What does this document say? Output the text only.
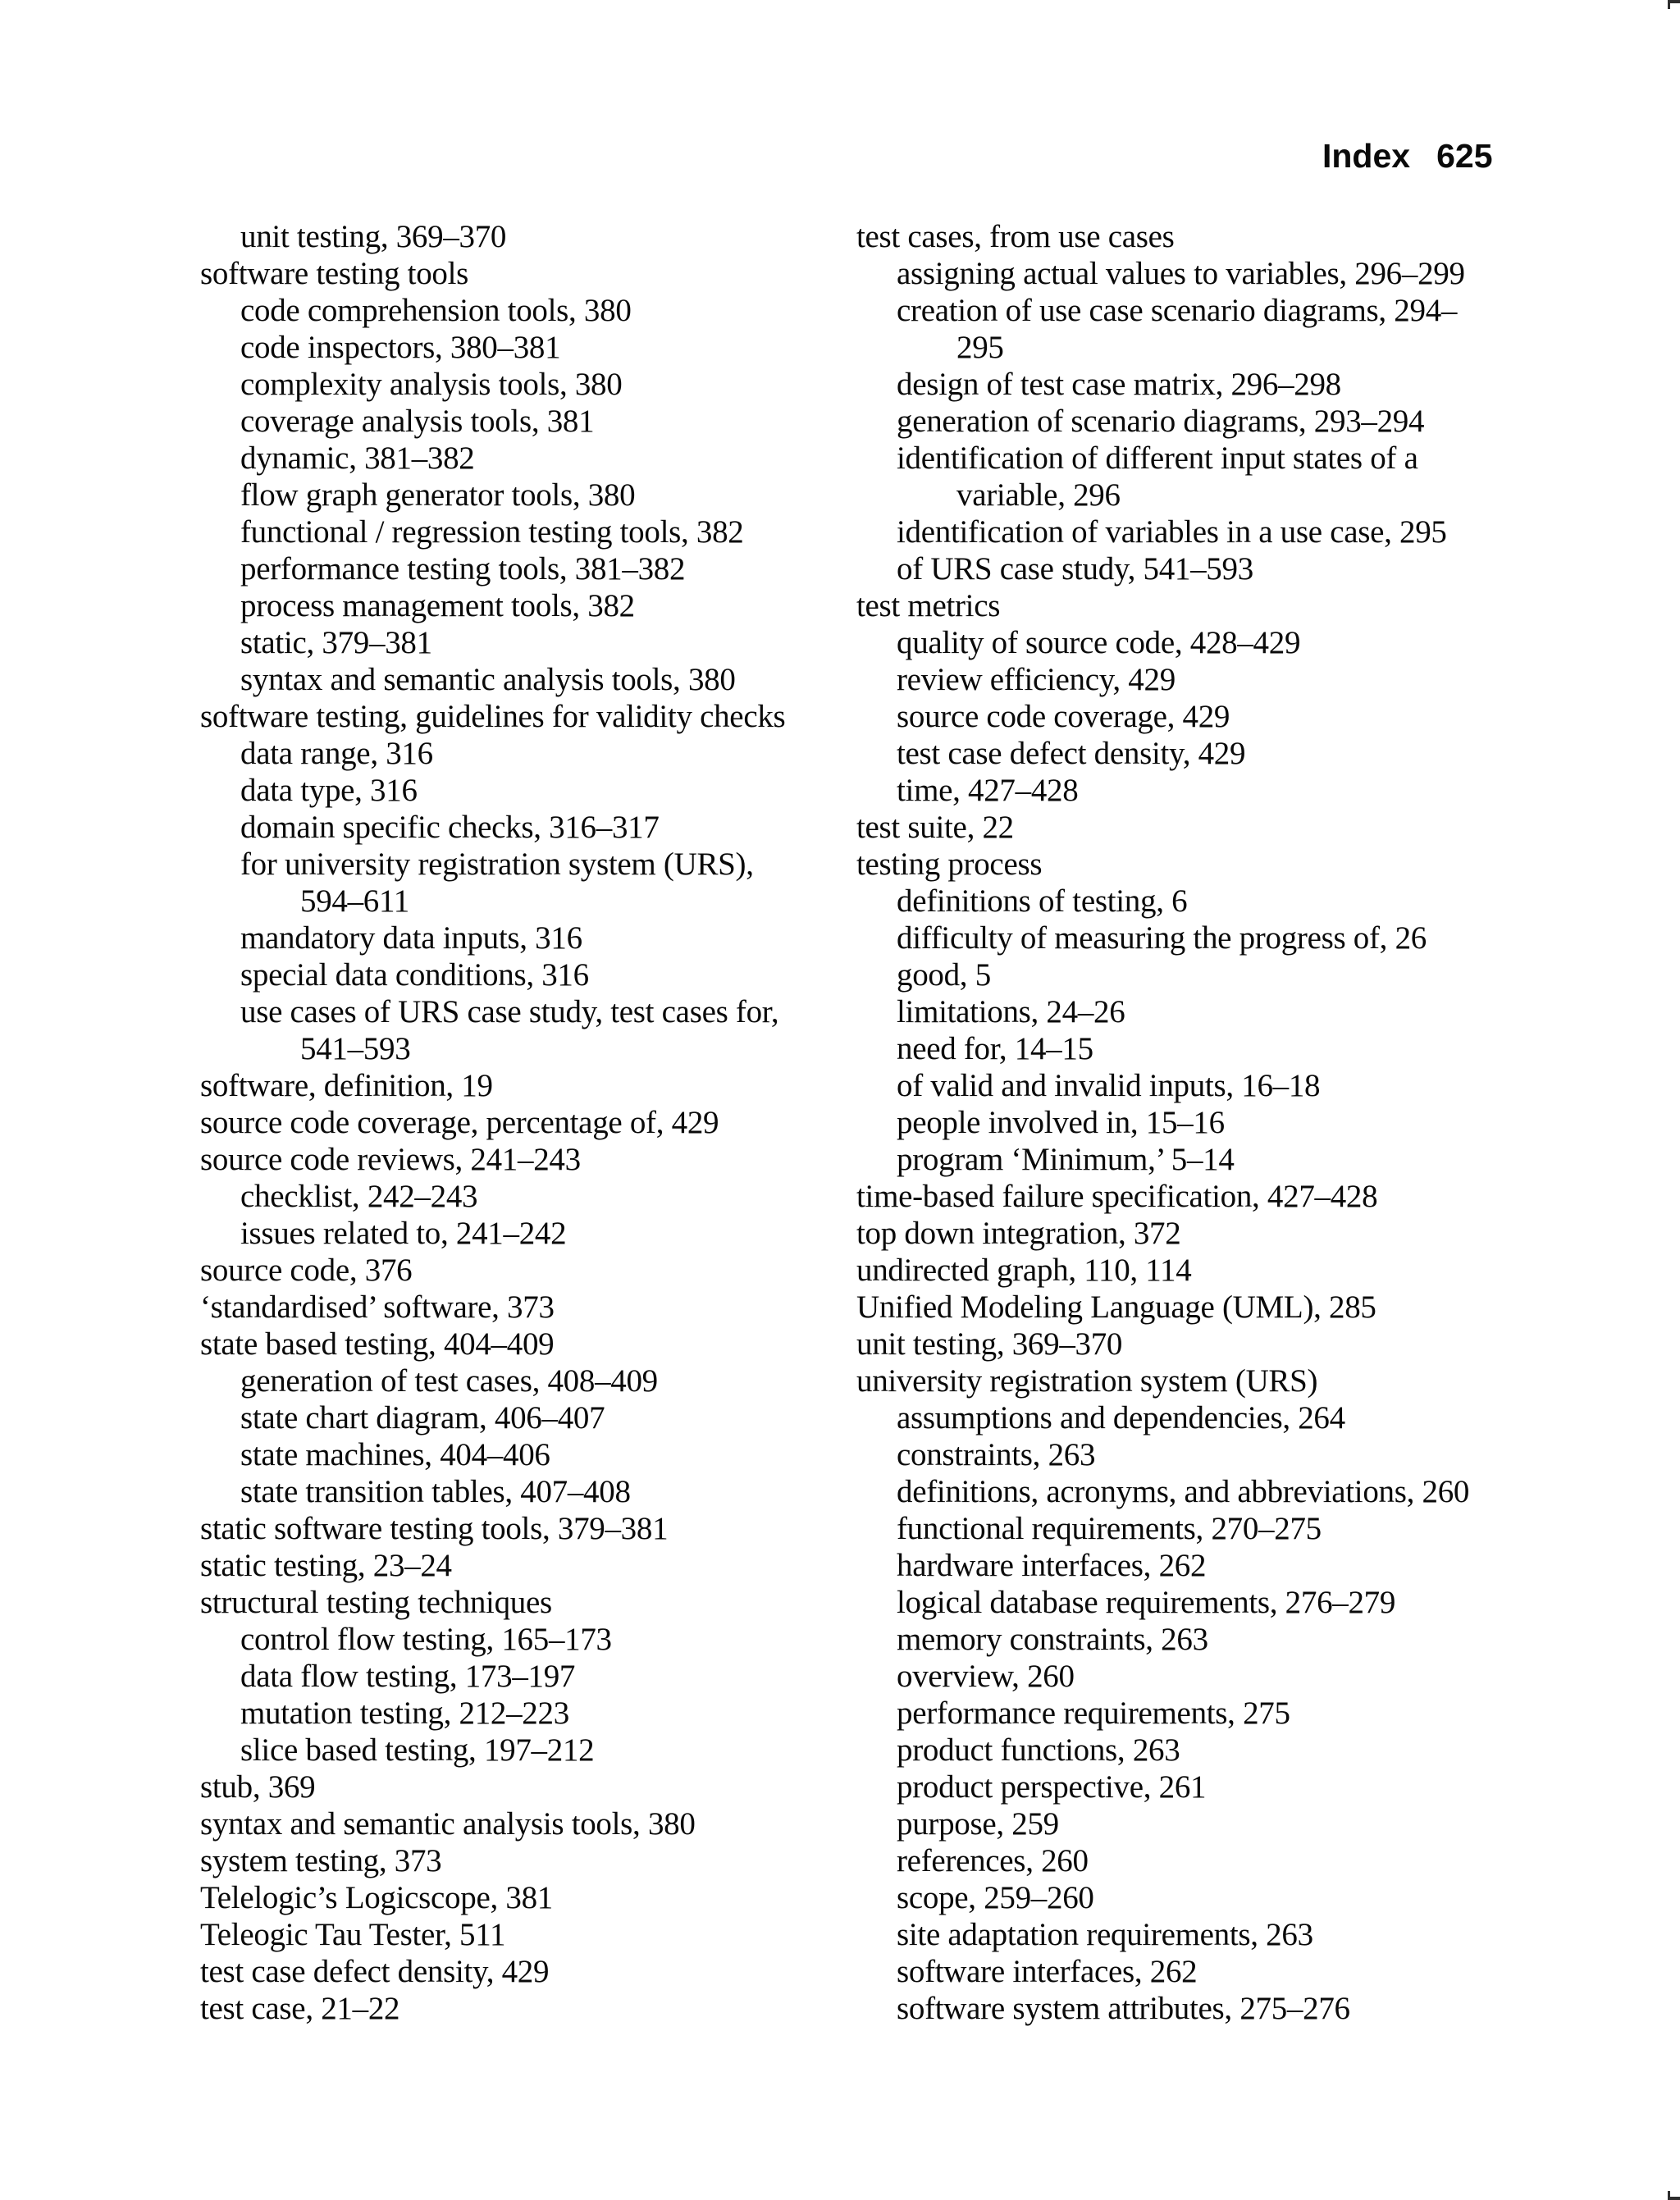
Index 625
unit testing, 369–370
software testing tools
code comprehension tools, 380
code inspectors, 380–381
complexity analysis tools, 380
coverage analysis tools, 381
dynamic, 381–382
flow graph generator tools, 380
functional / regression testing tools, 382
performance testing tools, 381–382
process management tools, 382
static, 379–381
syntax and semantic analysis tools, 380
software testing, guidelines for validity checks
data range, 316
data type, 316
domain specific checks, 316–317
for university registration system (URS),
594–611
mandatory data inputs, 316
special data conditions, 316
use cases of URS case study, test cases for,
541–593
software, definition, 19
source code coverage, percentage of, 429
source code reviews, 241–243
checklist, 242–243
issues related to, 241–242
source code, 376
‘standardised’ software, 373
state based testing, 404–409
generation of test cases, 408–409
state chart diagram, 406–407
state machines, 404–406
state transition tables, 407–408
static software testing tools, 379–381
static testing, 23–24
structural testing techniques
control flow testing, 165–173
data flow testing, 173–197
mutation testing, 212–223
slice based testing, 197–212
stub, 369
syntax and semantic analysis tools, 380
system testing, 373
Telelogic’s Logicscope, 381
Teleogic Tau Tester, 511
test case defect density, 429
test case, 21–22
test cases, from use cases
assigning actual values to variables, 296–299
creation of use case scenario diagrams, 294–
295
design of test case matrix, 296–298
generation of scenario diagrams, 293–294
identification of different input states of a
variable, 296
identification of variables in a use case, 295
of URS case study, 541–593
test metrics
quality of source code, 428–429
review efficiency, 429
source code coverage, 429
test case defect density, 429
time, 427–428
test suite, 22
testing process
definitions of testing, 6
difficulty of measuring the progress of, 26
good, 5
limitations, 24–26
need for, 14–15
of valid and invalid inputs, 16–18
people involved in, 15–16
program ‘Minimum,’ 5–14
time-based failure specification, 427–428
top down integration, 372
undirected graph, 110, 114
Unified Modeling Language (UML), 285
unit testing, 369–370
university registration system (URS)
assumptions and dependencies, 264
constraints, 263
definitions, acronyms, and abbreviations, 260
functional requirements, 270–275
hardware interfaces, 262
logical database requirements, 276–279
memory constraints, 263
overview, 260
performance requirements, 275
product functions, 263
product perspective, 261
purpose, 259
references, 260
scope, 259–260
site adaptation requirements, 263
software interfaces, 262
software system attributes, 275–276
